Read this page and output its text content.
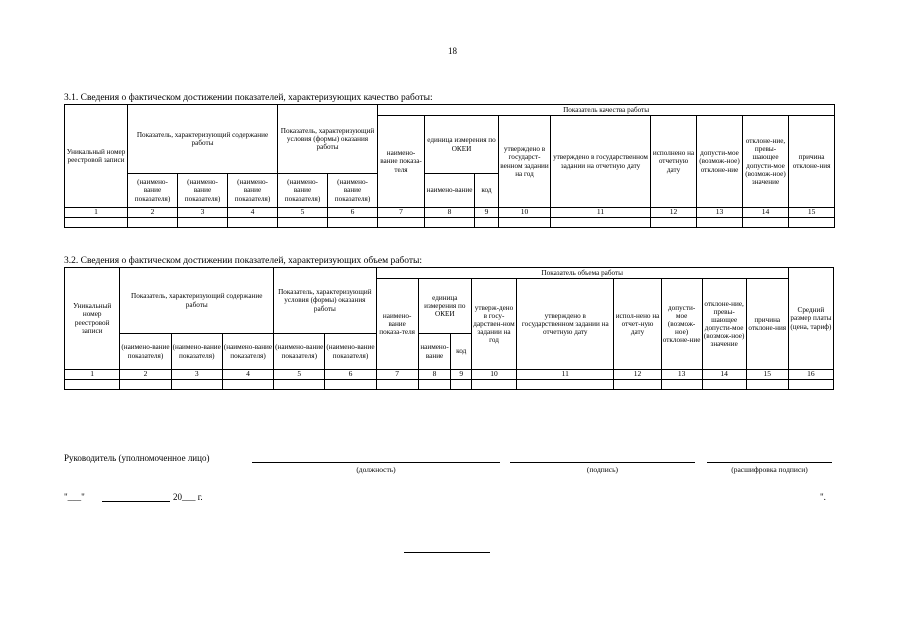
18
3.1. Сведения о фактическом достижении показателей, характеризующих качество работы:
Уникальный номер реестровой записи	Показатель, характеризующий содержание работы			Показатель, характеризующий условия (формы) оказания работы		Показатель качества работы								
						наимено-вание показа-теля	единица измерения по ОКЕИ		утверждено в государст-венном задании на год	утверждено в государственном задании на отчетную дату	исполнено на отчетную дату	допусти-мое (возмож-ное) отклоне-ние	отклоне-ние, превы-шающее допусти-мое (возмож-ное) значение	причина отклоне-ния

	(наимено-вание показателя)	(наимено-вание показателя)	(наимено-вание показателя)	(наимено-вание показателя)	(наимено-вание показателя)		наимено-вание	код						
1	2	3	4	5	6	7	8	9	10	11	12	13	14	15

3.2. Сведения о фактическом достижении показателей, характеризующих объем работы:
Уникальный номер реестровой записи	Показатель, характеризующий содержание работы			Показатель, характеризующий условия (формы) оказания работы		Показатель объема работы									Средний размер платы (цена, тариф)
						наимено-вание показа-теля	единица измерения по ОКЕИ		утверж-дено в госу-дарствен-ном задании на год	утверждено в государственном задании на отчетную дату	испол-нено на отчет-ную дату	допусти-мое (возмож-ное) отклоне-ние	отклоне-ние, превы-шающее допусти-мое (возмож-ное) значение	причина отклоне-ния	

	(наимено-вание показателя)	(наимено-вание показателя)	(наимено-вание показателя)	(наимено-вание показателя)	(наимено-вание показателя)		наимено-вание	код							
1	2	3	4	5	6	7	8	9	10	11	12	13	14	15	16

Руководитель (уполномоченное лицо)
(должность)	(подпись)	(расшифровка подписи)
"___"	20___ г.	".
